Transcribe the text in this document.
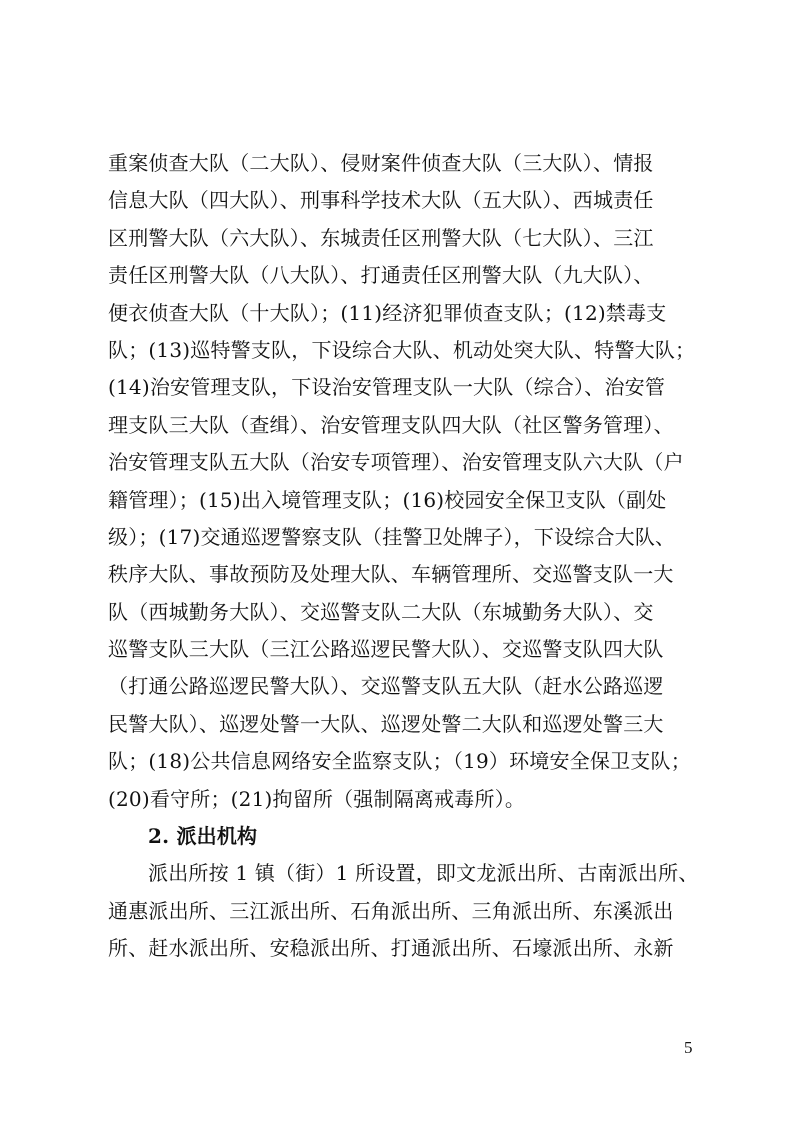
重案侦查大队（二大队）、侵财案件侦查大队（三大队）、情报
信息大队（四大队）、刑事科学技术大队（五大队）、西城责任
区刑警大队（六大队）、东城责任区刑警大队（七大队）、三江
责任区刑警大队（八大队）、打通责任区刑警大队（九大队）、
便衣侦查大队（十大队）；(11)经济犯罪侦查支队；(12)禁毒支
队；(13)巡特警支队，下设综合大队、机动处突大队、特警大队；
(14)治安管理支队，下设治安管理支队一大队（综合）、治安管
理支队三大队（查缉）、治安管理支队四大队（社区警务管理）、
治安管理支队五大队（治安专项管理）、治安管理支队六大队（户
籍管理）；(15)出入境管理支队；(16)校园安全保卫支队（副处
级）；(17)交通巡逻警察支队（挂警卫处牌子），下设综合大队、
秩序大队、事故预防及处理大队、车辆管理所、交巡警支队一大
队（西城勤务大队）、交巡警支队二大队（东城勤务大队）、交
巡警支队三大队（三江公路巡逻民警大队）、交巡警支队四大队
（打通公路巡逻民警大队）、交巡警支队五大队（赶水公路巡逻
民警大队）、巡逻处警一大队、巡逻处警二大队和巡逻处警三大
队；(18)公共信息网络安全监察支队；（19）环境安全保卫支队；
(20)看守所；(21)拘留所（强制隔离戒毒所）。
2. 派出机构
派出所按 1 镇（街）1 所设置，即文龙派出所、古南派出所、
通惠派出所、三江派出所、石角派出所、三角派出所、东溪派出
所、赶水派出所、安稳派出所、打通派出所、石壕派出所、永新
5
